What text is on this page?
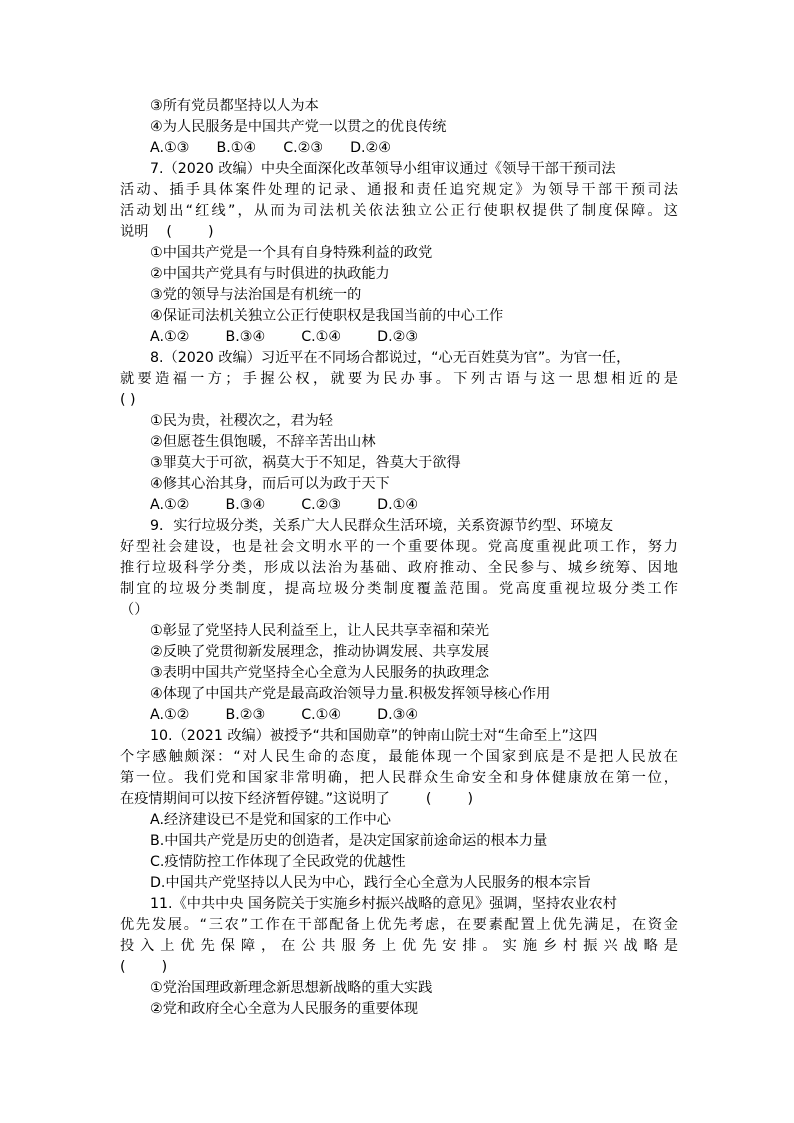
③所有党员都坚持以人为本
④为人民服务是中国共产党一以贯之的优良传统
A.①③      B.①④      C.②③      D.②④
7.（2020 改编）中央全面深化改革领导小组审议通过《领导干部干预司法
活动、插手具体案件处理的记录、通报和责任追究规定》为领导干部干预司法
活动划出“红线”，从而为司法机关依法独立公正行使职权提供了制度保障。这
说明    (        )
①中国共产党是一个具有自身特殊利益的政党
②中国共产党具有与时俱进的执政能力
③党的领导与法治国是有机统一的
④保证司法机关独立公正行使职权是我国当前的中心工作
A.①②        B.③④        C.①④        D.②③
8.（2020 改编）习近平在不同场合都说过，“心无百姓莫为官”。为官一任，
就要造福一方；手握公权，就要为民办事。下列古语与这一思想相近的是
( )
①民为贵，社稷次之，君为轻
②但愿苍生俱饱暖，不辞辛苦出山林
③罪莫大于可欲，祸莫大于不知足，咎莫大于欲得
④修其心治其身，而后可以为政于天下
A.①②        B.③④        C.②③        D.①④
9．实行垃圾分类，关系广大人民群众生活环境，关系资源节约型、环境友
好型社会建设，也是社会文明水平的一个重要体现。党高度重视此项工作，努力
推行垃圾科学分类，形成以法治为基础、政府推动、全民参与、城乡统筹、因地
制宜的垃圾分类制度，提高垃圾分类制度覆盖范围。党高度重视垃圾分类工作
（）
①彰显了党坚持人民利益至上，让人民共享幸福和荣光
②反映了党贯彻新发展理念，推动协调发展、共享发展
③表明中国共产党坚持全心全意为人民服务的执政理念
④体现了中国共产党是最高政治领导力量.积极发挥领导核心作用
A.①②        B.②③        C.①④        D.③④
10.（2021 改编）被授予“共和国勋章”的钟南山院士对“生命至上”这四
个字感触颇深：“对人民生命的态度，最能体现一个国家到底是不是把人民放在
第一位。我们党和国家非常明确，把人民群众生命安全和身体健康放在第一位，
在疫情期间可以按下经济暂停键。”这说明了        (        )
A.经济建设已不是党和国家的工作中心
B.中国共产党是历史的创造者，是决定国家前途命运的根本力量
C.疫情防控工作体现了全民政党的优越性
D.中国共产党坚持以人民为中心，践行全心全意为人民服务的根本宗旨
11.《中共中央 国务院关于实施乡村振兴战略的意见》强调，坚持农业农村
优先发展。“三农”工作在干部配备上优先考虑，在要素配置上优先满足，在资金
投入上优先保障，在公共服务上优先安排。实施乡村振兴战略是
(        )
①党治国理政新理念新思想新战略的重大实践
②党和政府全心全意为人民服务的重要体现
